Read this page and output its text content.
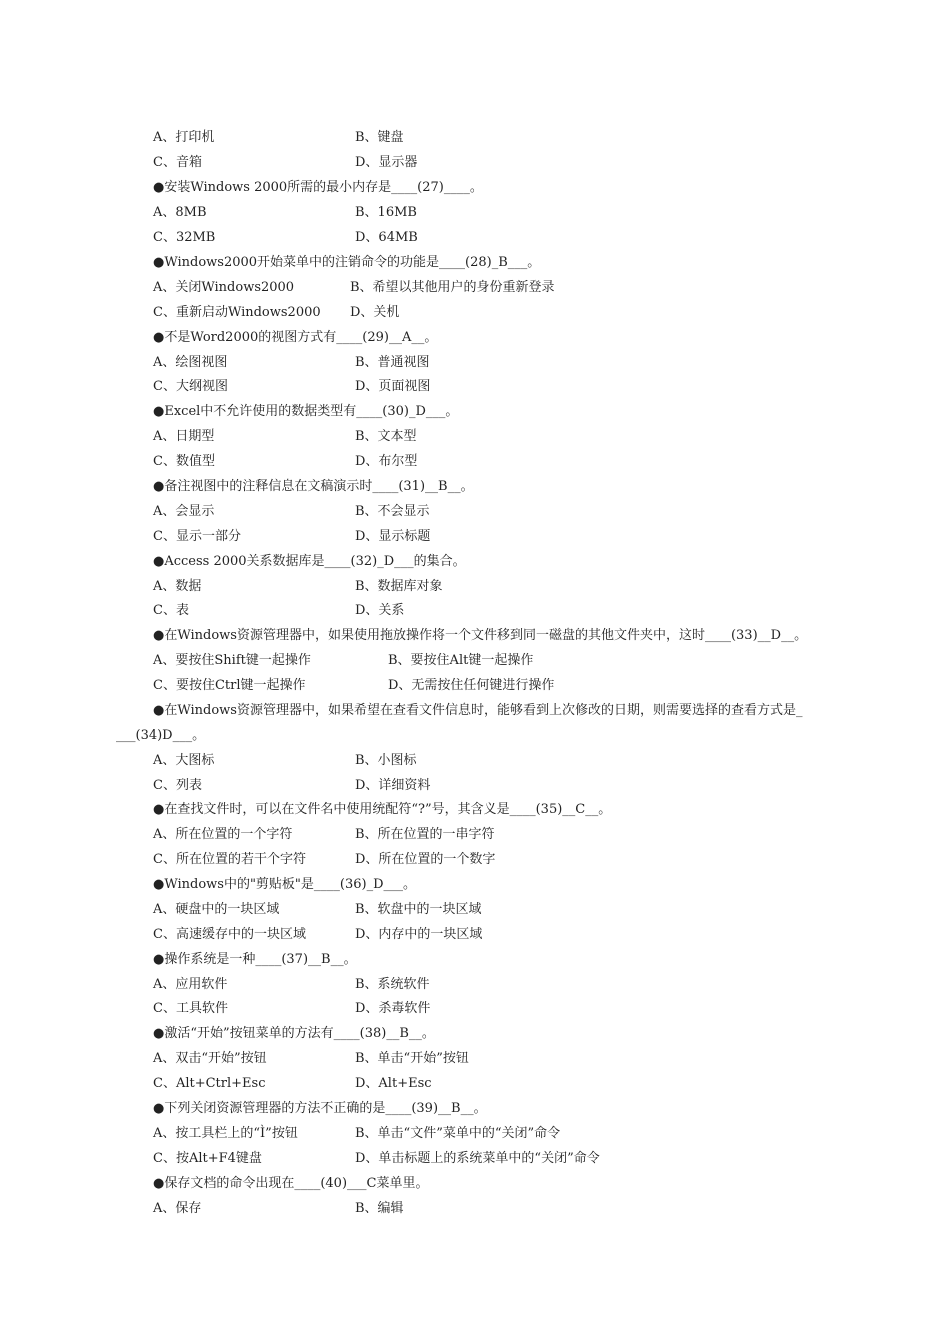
A、打印机	B、键盘
C、音箱	D、显示器
●安装Windows 2000所需的最小内存是____(27)____。
A、8MB	B、16MB
C、32MB	D、64MB
●Windows2000开始菜单中的注销命令的功能是____(28)_B___。
A、关闭Windows2000	B、希望以其他用户的身份重新登录
C、重新启动Windows2000 D、关机
●不是Word2000的视图方式有____(29)__A__。
A、绘图视图	B、普通视图
C、大纲视图	D、页面视图
●Excel中不允许使用的数据类型有____(30)_D___。
A、日期型	B、文本型
C、数值型	D、布尔型
●备注视图中的注释信息在文稿演示时____(31)__B__。
A、会显示	B、不会显示
C、显示一部分	D、显示标题
●Access 2000关系数据库是____(32)_D___的集合。
A、数据	B、数据库对象
C、表	D、关系
●在Windows资源管理器中，如果使用拖放操作将一个文件移到同一磁盘的其他文件夹中，这时____(33)__D__。
A、要按住Shift键一起操作	B、要按住Alt键一起操作
C、要按住Ctrl键一起操作	D、无需按住任何键进行操作
●在Windows资源管理器中，如果希望在查看文件信息时，能够看到上次修改的日期，则需要选择的查看方式是_
___(34)D___。
A、大图标	B、小图标
C、列表	D、详细资料
●在查找文件时，可以在文件名中使用统配符“?”号，其含义是____(35)__C__。
A、所在位置的一个字符	B、所在位置的一串字符
C、所在位置的若干个字符	D、所在位置的一个数字
●Windows中的"剪贴板"是____(36)_D___。
A、硬盘中的一块区域	B、软盘中的一块区域
C、高速缓存中的一块区域	D、内存中的一块区域
●操作系统是一种____(37)__B__。
A、应用软件	B、系统软件
C、工具软件	D、杀毒软件
●激活“开始”按钮菜单的方法有____(38)__B__。
A、双击“开始”按钮	B、单击“开始”按钮
C、Alt+Ctrl+Esc	D、Alt+Esc
●下列关闭资源管理器的方法不正确的是____(39)__B__。
A、按工具栏上的“Ì”按钮	B、单击“文件”菜单中的“关闭”命令
C、按Alt+F4键盘	D、单击标题上的系统菜单中的“关闭”命令
●保存文档的命令出现在____(40)___C菜单里。
A、保存	B、编辑
